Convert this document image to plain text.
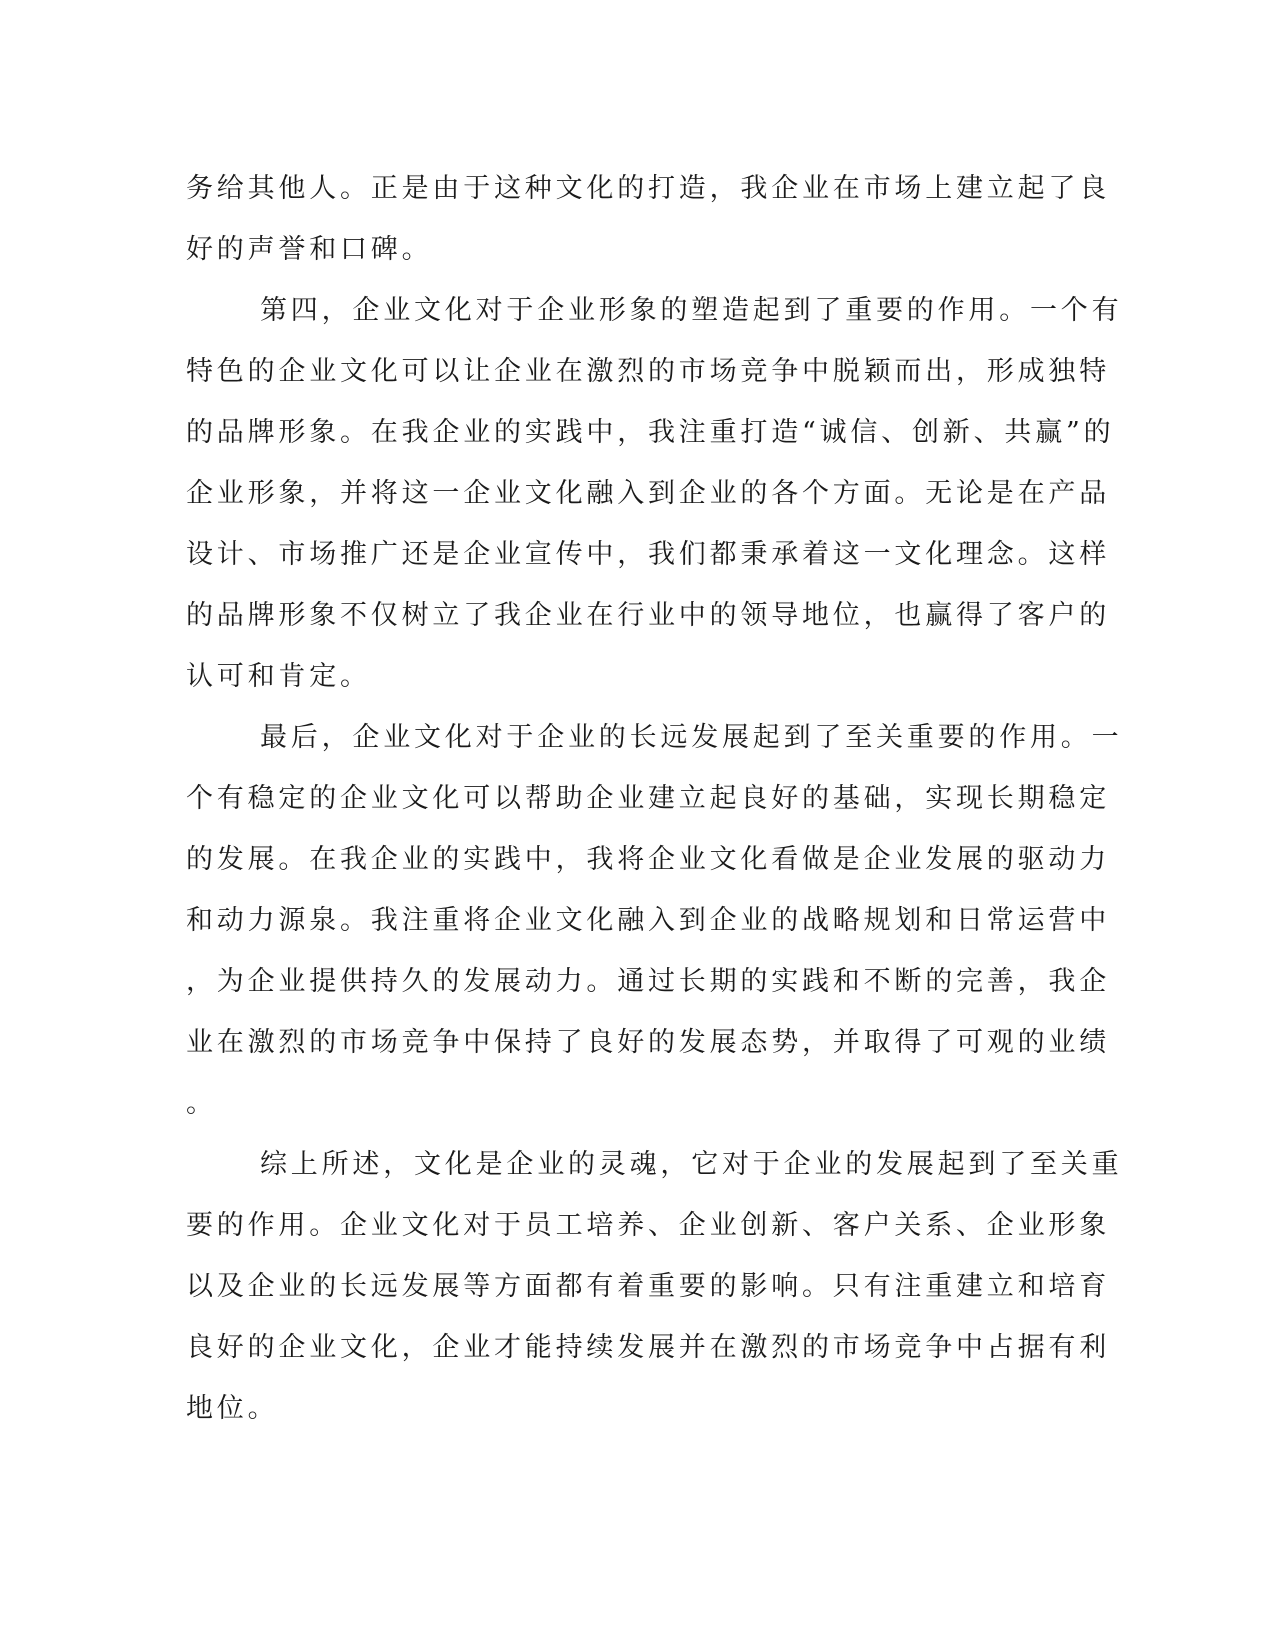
务给其他人。正是由于这种文化的打造，我企业在市场上建立起了良
好的声誉和口碑。
第四，企业文化对于企业形象的塑造起到了重要的作用。一个有
特色的企业文化可以让企业在激烈的市场竞争中脱颖而出，形成独特
的品牌形象。在我企业的实践中，我注重打造“诚信、创新、共赢”的
企业形象，并将这一企业文化融入到企业的各个方面。无论是在产品
设计、市场推广还是企业宣传中，我们都秉承着这一文化理念。这样
的品牌形象不仅树立了我企业在行业中的领导地位，也赢得了客户的
认可和肯定。
最后，企业文化对于企业的长远发展起到了至关重要的作用。一
个有稳定的企业文化可以帮助企业建立起良好的基础，实现长期稳定
的发展。在我企业的实践中，我将企业文化看做是企业发展的驱动力
和动力源泉。我注重将企业文化融入到企业的战略规划和日常运营中
，为企业提供持久的发展动力。通过长期的实践和不断的完善，我企
业在激烈的市场竞争中保持了良好的发展态势，并取得了可观的业绩
。
综上所述，文化是企业的灵魂，它对于企业的发展起到了至关重
要的作用。企业文化对于员工培养、企业创新、客户关系、企业形象
以及企业的长远发展等方面都有着重要的影响。只有注重建立和培育
良好的企业文化，企业才能持续发展并在激烈的市场竞争中占据有利
地位。
